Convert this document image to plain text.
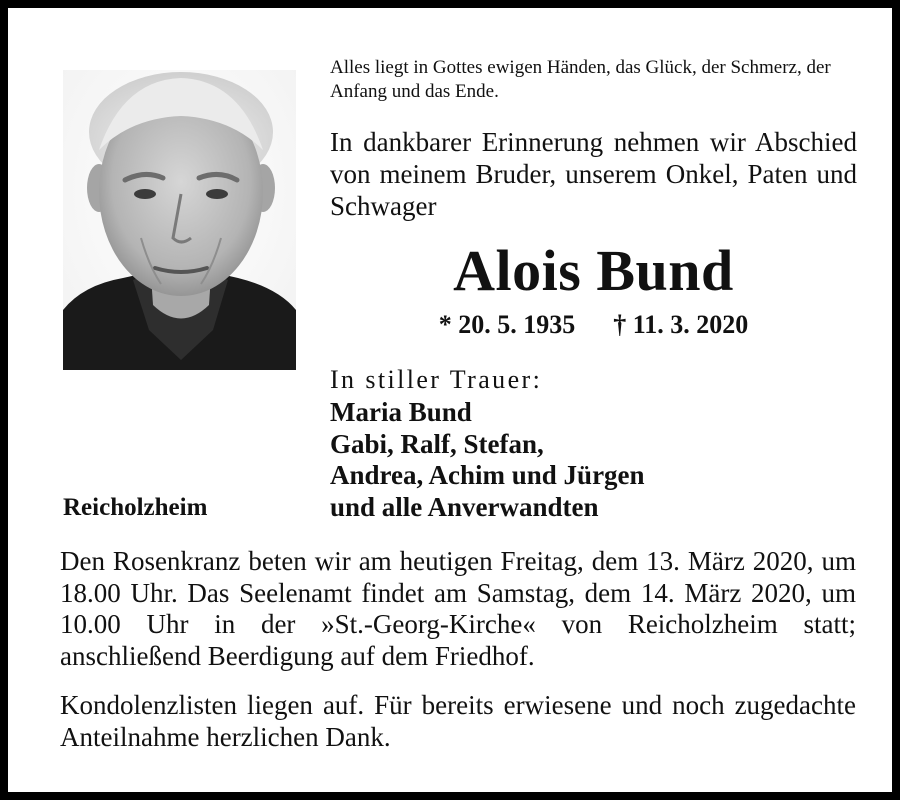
Alles liegt in Gottes ewigen Händen, das Glück, der Schmerz, der Anfang und das Ende.
In dankbarer Erinnerung nehmen wir Abschied von meinem Bruder, unserem Onkel, Paten und Schwager
Alois Bund
* 20. 5. 1935 † 11. 3. 2020
In stiller Trauer:
Maria Bund
Gabi, Ralf, Stefan,
Andrea, Achim und Jürgen
und alle Anverwandten
Reicholzheim
Den Rosenkranz beten wir am heutigen Freitag, dem 13. März 2020, um 18.00 Uhr. Das Seelenamt findet am Samstag, dem 14. März 2020, um 10.00 Uhr in der »St.-Georg-Kirche« von Reicholzheim statt; anschließend Beerdigung auf dem Friedhof.
Kondolenzlisten liegen auf. Für bereits erwiesene und noch zugedachte Anteilnahme herzlichen Dank.
